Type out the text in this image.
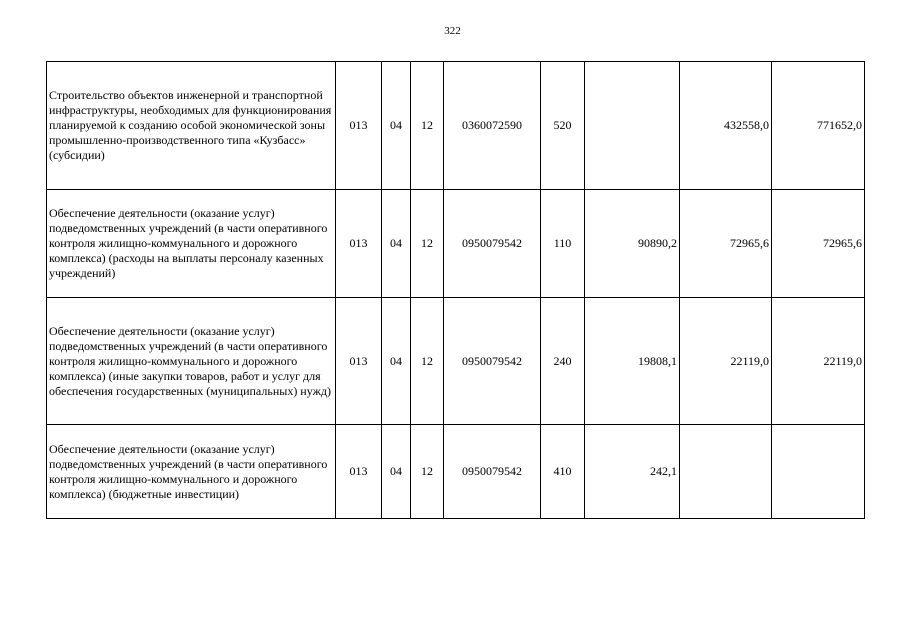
322
Строительство объектов инженерной и транспортной инфраструктуры, необходимых для функционирования планируемой к созданию особой экономической зоны промышленно-производственного типа «Кузбасс» (субсидии)	013	04	12	0360072590	520		432558,0	771652,0
Обеспечение деятельности (оказание услуг) подведомственных учреждений (в части оперативного контроля жилищно-коммунального и дорожного комплекса) (расходы на выплаты персоналу казенных учреждений)	013	04	12	0950079542	110	90890,2	72965,6	72965,6
Обеспечение деятельности (оказание услуг) подведомственных учреждений (в части оперативного контроля жилищно-коммунального и дорожного комплекса) (иные закупки товаров, работ и услуг для обеспечения государственных (муниципальных) нужд)	013	04	12	0950079542	240	19808,1	22119,0	22119,0
Обеспечение деятельности (оказание услуг) подведомственных учреждений (в части оперативного контроля жилищно-коммунального и дорожного комплекса) (бюджетные инвестиции)	013	04	12	0950079542	410	242,1		
